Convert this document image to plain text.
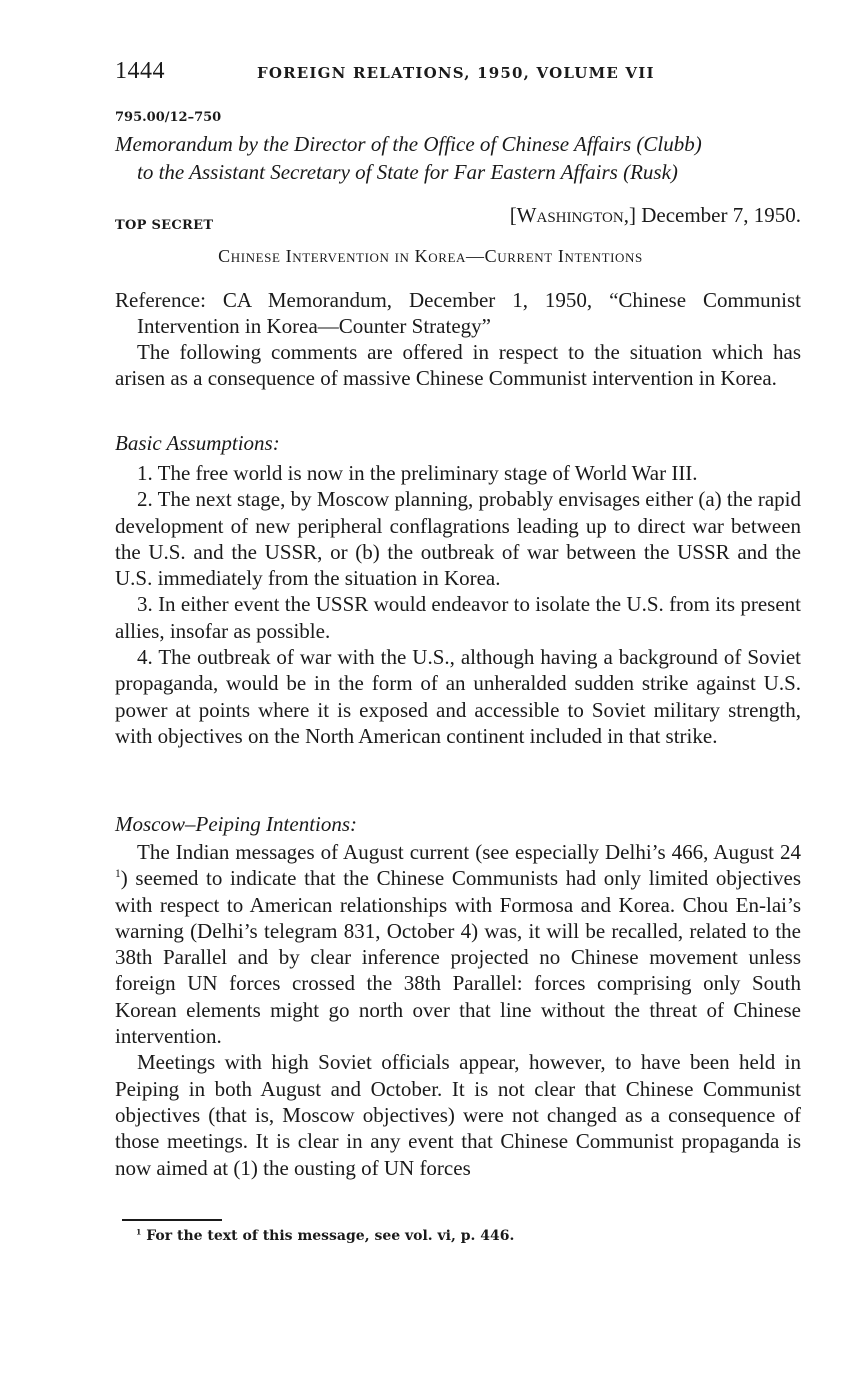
1444	FOREIGN RELATIONS, 1950, VOLUME VII
795.00/12–750
Memorandum by the Director of the Office of Chinese Affairs (Clubb)
to the Assistant Secretary of State for Far Eastern Affairs (Rusk)
TOP SECRET	[Washington,] December 7, 1950.
Chinese Intervention in Korea—Current Intentions

Reference: CA Memorandum, December 1, 1950, “Chinese Communist Intervention in Korea—Counter Strategy”

The following comments are offered in respect to the situation which has arisen as a consequence of massive Chinese Communist intervention in Korea.

Basic Assumptions:

1. The free world is now in the preliminary stage of World War III.

2. The next stage, by Moscow planning, probably envisages either (a) the rapid development of new peripheral conflagrations leading up to direct war between the U.S. and the USSR, or (b) the outbreak of war between the USSR and the U.S. immediately from the situation in Korea.

3. In either event the USSR would endeavor to isolate the U.S. from its present allies, insofar as possible.

4. The outbreak of war with the U.S., although having a background of Soviet propaganda, would be in the form of an unheralded sudden strike against U.S. power at points where it is exposed and accessible to Soviet military strength, with objectives on the North American continent included in that strike.

Moscow–Peiping Intentions:

The Indian messages of August current (see especially Delhi’s 466, August 24 $^1$) seemed to indicate that the Chinese Communists had only limited objectives with respect to American relationships with Formosa and Korea. Chou En-lai’s warning (Delhi’s telegram 831, October 4) was, it will be recalled, related to the 38th Parallel and by clear inference projected no Chinese movement unless foreign UN forces crossed the 38th Parallel: forces comprising only South Korean elements might go north over that line without the threat of Chinese intervention.

Meetings with high Soviet officials appear, however, to have been held in Peiping in both August and October. It is not clear that Chinese Communist objectives (that is, Moscow objectives) were not changed as a consequence of those meetings. It is clear in any event that Chinese Communist propaganda is now aimed at (1) the ousting of UN forces

$^1$ For the text of this message, see vol. vi, p. 446.
